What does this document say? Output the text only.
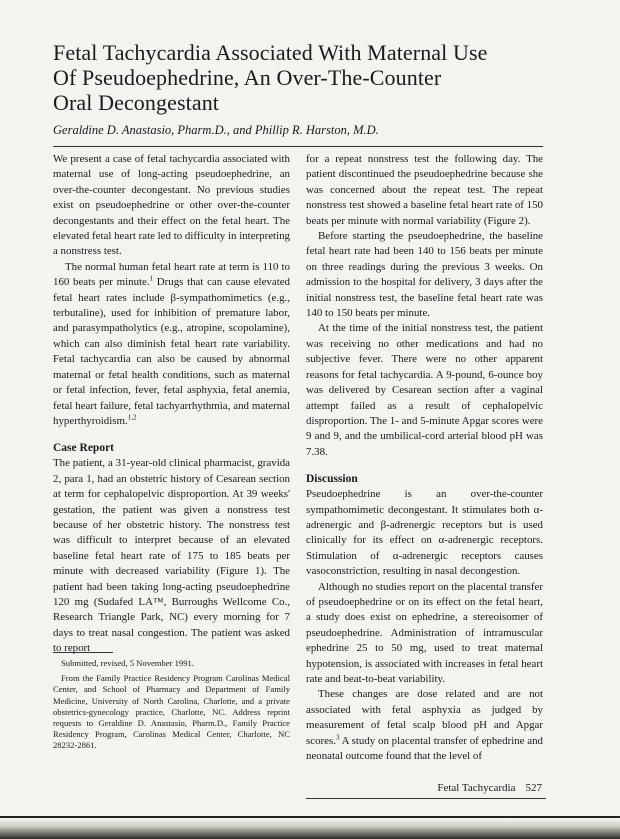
Fetal Tachycardia Associated With Maternal Use
Of Pseudoephedrine, An Over-The-Counter
Oral Decongestant

Geraldine D. Anastasio, Pharm.D., and Phillip R. Harston, M.D.

We present a case of fetal tachycardia associated with maternal use of long-acting pseudoephedrine, an over-the-counter decongestant. No previous studies exist on pseudoephedrine or other over-the-counter decongestants and their effect on the fetal heart. The elevated fetal heart rate led to difficulty in interpreting a nonstress test.

The normal human fetal heart rate at term is 110 to 160 beats per minute.$^1$ Drugs that can cause elevated fetal heart rates include β-sympathomimetics (e.g., terbutaline), used for inhibition of premature labor, and parasympatholytics (e.g., atropine, scopolamine), which can also diminish fetal heart rate variability. Fetal tachycardia can also be caused by abnormal maternal or fetal health conditions, such as maternal or fetal infection, fever, fetal asphyxia, fetal anemia, fetal heart failure, fetal tachyarrhythmia, and maternal hyperthyroidism.$^{1,2}$

Case Report

The patient, a 31-year-old clinical pharmacist, gravida 2, para 1, had an obstetric history of Cesarean section at term for cephalopelvic disproportion. At 39 weeks' gestation, the patient was given a nonstress test because of her obstetric history. The nonstress test was difficult to interpret because of an elevated baseline fetal heart rate of 175 to 185 beats per minute with decreased variability (Figure 1). The patient had been taking long-acting pseudoephedrine 120 mg (Sudafed LA™, Burroughs Wellcome Co., Research Triangle Park, NC) every morning for 7 days to treat nasal congestion. The patient was asked to report

Submitted, revised, 5 November 1991.

From the Family Practice Residency Program Carolinas Medical Center, and School of Pharmacy and Department of Family Medicine, University of North Carolina, Charlotte, and a private obstetrics-gynecology practice, Charlotte, NC. Address reprint requests to Geraldine D. Anastasio, Pharm.D., Family Practice Residency Program, Carolinas Medical Center, Charlotte, NC 28232-2861.

for a repeat nonstress test the following day. The patient discontinued the pseudoephedrine because she was concerned about the repeat test. The repeat nonstress test showed a baseline fetal heart rate of 150 beats per minute with normal variability (Figure 2).

Before starting the pseudoephedrine, the baseline fetal heart rate had been 140 to 156 beats per minute on three readings during the previous 3 weeks. On admission to the hospital for delivery, 3 days after the initial nonstress test, the baseline fetal heart rate was 140 to 150 beats per minute.

At the time of the initial nonstress test, the patient was receiving no other medications and had no subjective fever. There were no other apparent reasons for fetal tachycardia. A 9-pound, 6-ounce boy was delivered by Cesarean section after a vaginal attempt failed as a result of cephalopelvic disproportion. The 1- and 5-minute Apgar scores were 9 and 9, and the umbilical-cord arterial blood pH was 7.38.

Discussion

Pseudoephedrine is an over-the-counter sympathomimetic decongestant. It stimulates both α-adrenergic and β-adrenergic receptors but is used clinically for its effect on α-adrenergic receptors. Stimulation of α-adrenergic receptors causes vasoconstriction, resulting in nasal decongestion.

Although no studies report on the placental transfer of pseudoephedrine or on its effect on the fetal heart, a study does exist on ephedrine, a stereoisomer of pseudoephedrine. Administration of intramuscular ephedrine 25 to 50 mg, used to treat maternal hypotension, is associated with increases in fetal heart rate and beat-to-beat variability.

These changes are dose related and are not associated with fetal asphyxia as judged by measurement of fetal scalp blood pH and Apgar scores.$^3$ A study on placental transfer of ephedrine and neonatal outcome found that the level of

Fetal Tachycardia 527
